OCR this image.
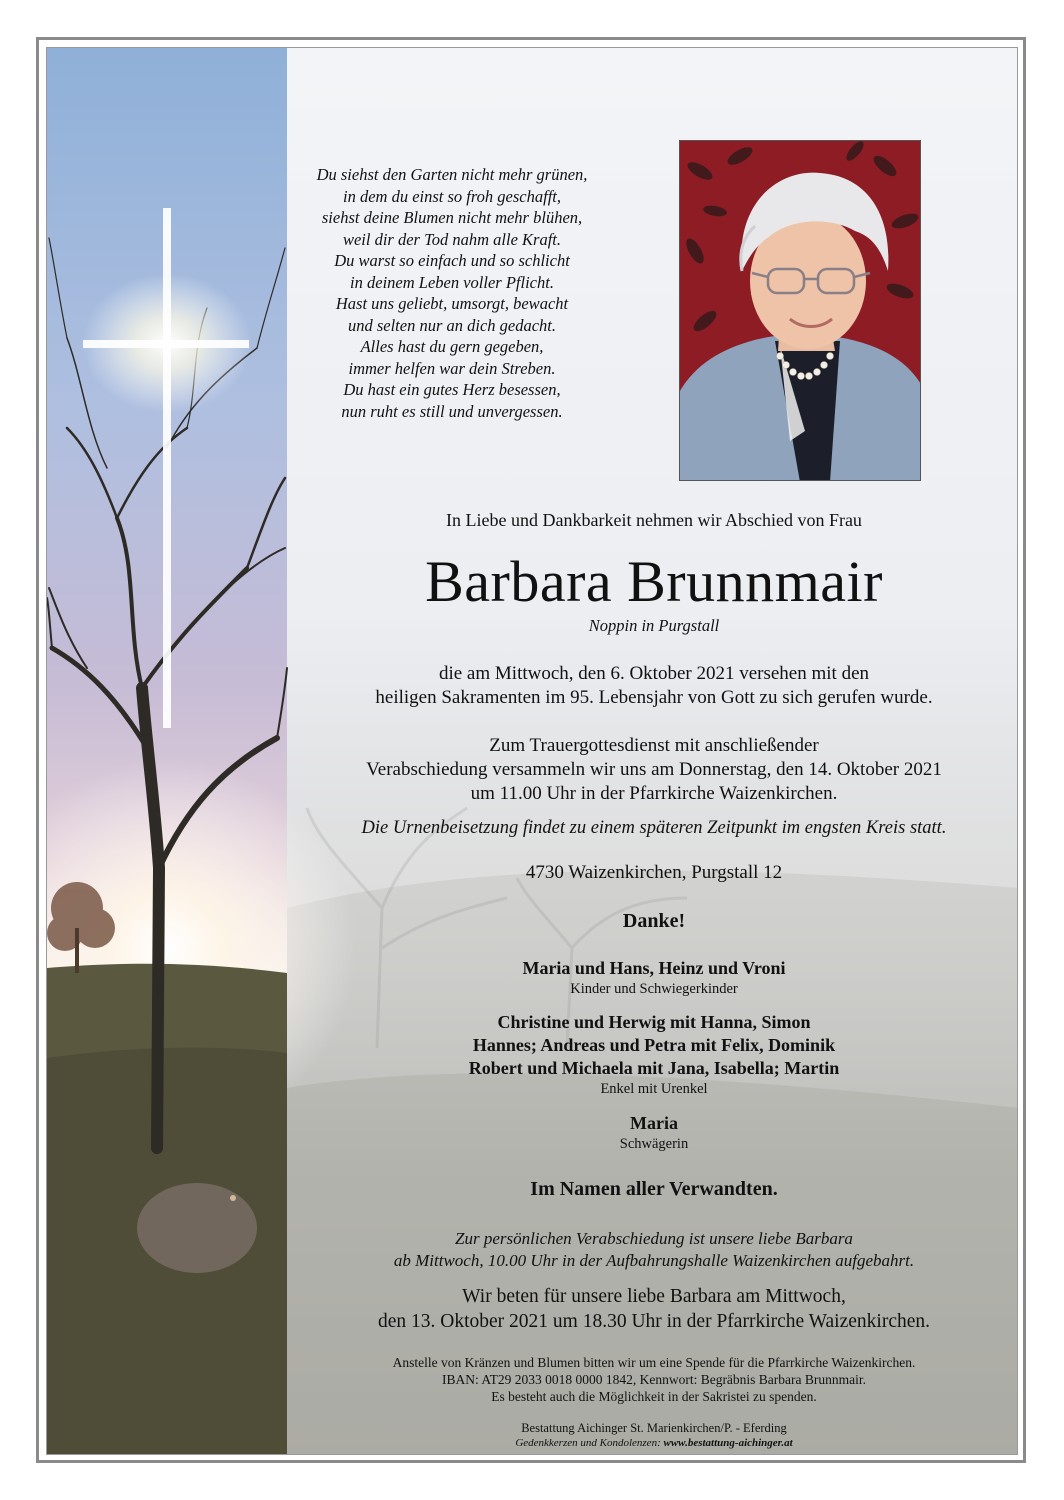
Du siehst den Garten nicht mehr grünen,
in dem du einst so froh geschafft,
siehst deine Blumen nicht mehr blühen,
weil dir der Tod nahm alle Kraft.
Du warst so einfach und so schlicht
in deinem Leben voller Pflicht.
Hast uns geliebt, umsorgt, bewacht
und selten nur an dich gedacht.
Alles hast du gern gegeben,
immer helfen war dein Streben.
Du hast ein gutes Herz besessen,
nun ruht es still und unvergessen.
In Liebe und Dankbarkeit nehmen wir Abschied von Frau
Barbara Brunnmair
Noppin in Purgstall
die am Mittwoch, den 6. Oktober 2021 versehen mit den
heiligen Sakramenten im 95. Lebensjahr von Gott zu sich gerufen wurde.
Zum Trauergottesdienst mit anschließender
Verabschiedung versammeln wir uns am Donnerstag, den 14. Oktober 2021
um 11.00 Uhr in der Pfarrkirche Waizenkirchen.
Die Urnenbeisetzung findet zu einem späteren Zeitpunkt im engsten Kreis statt.
4730 Waizenkirchen, Purgstall 12
Danke!
Maria und Hans, Heinz und Vroni
Kinder und Schwiegerkinder
Christine und Herwig mit Hanna, Simon
Hannes; Andreas und Petra mit Felix, Dominik
Robert und Michaela mit Jana, Isabella; Martin
Enkel mit Urenkel
Maria
Schwägerin
Im Namen aller Verwandten.
Zur persönlichen Verabschiedung ist unsere liebe Barbara
ab Mittwoch, 10.00 Uhr in der Aufbahrungshalle Waizenkirchen aufgebahrt.
Wir beten für unsere liebe Barbara am Mittwoch,
den 13. Oktober 2021 um 18.30 Uhr in der Pfarrkirche Waizenkirchen.
Anstelle von Kränzen und Blumen bitten wir um eine Spende für die Pfarrkirche Waizenkirchen.
IBAN: AT29 2033 0018 0000 1842, Kennwort: Begräbnis Barbara Brunnmair.
Es besteht auch die Möglichkeit in der Sakristei zu spenden.
Bestattung Aichinger St. Marienkirchen/P. - Eferding
Gedenkkerzen und Kondolenzen: www.bestattung-aichinger.at
